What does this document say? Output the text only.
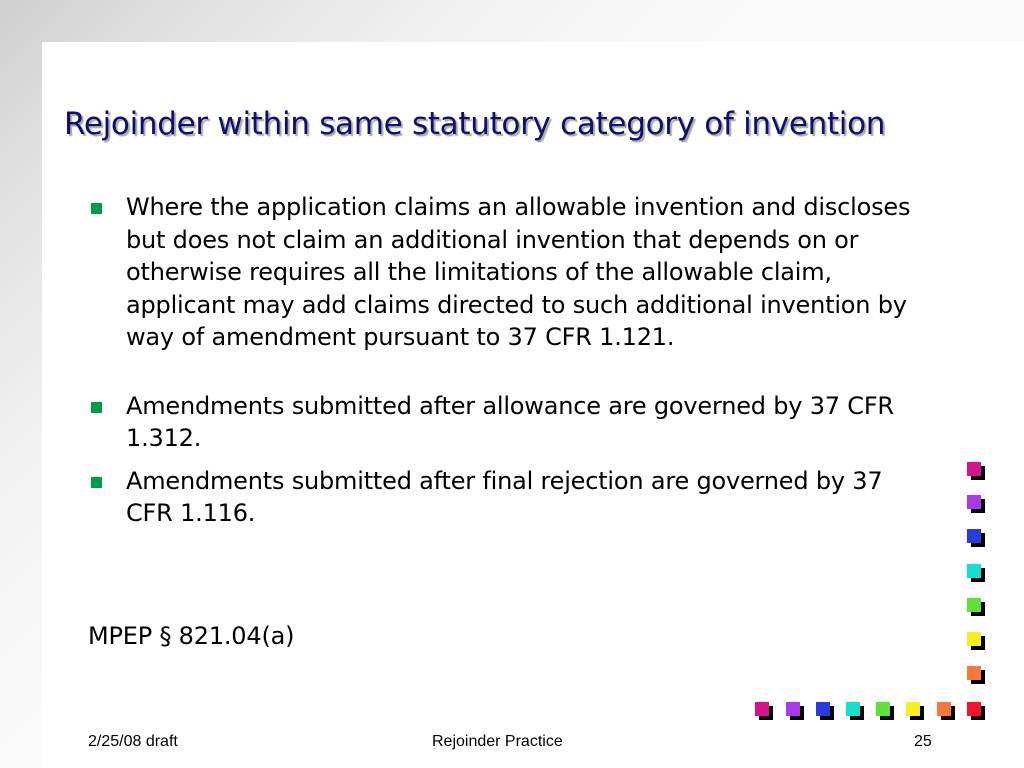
Rejoinder within same statutory category of invention
Where the application claims an allowable invention and discloses but does not claim an additional invention that depends on or otherwise requires all the limitations of the allowable claim, applicant may add claims directed to such additional invention by way of amendment pursuant to 37 CFR 1.121.
Amendments submitted after allowance are governed by 37 CFR 1.312.
Amendments submitted after final rejection are governed by 37 CFR 1.116.
MPEP § 821.04(a)
2/25/08 draft	Rejoinder Practice	25
